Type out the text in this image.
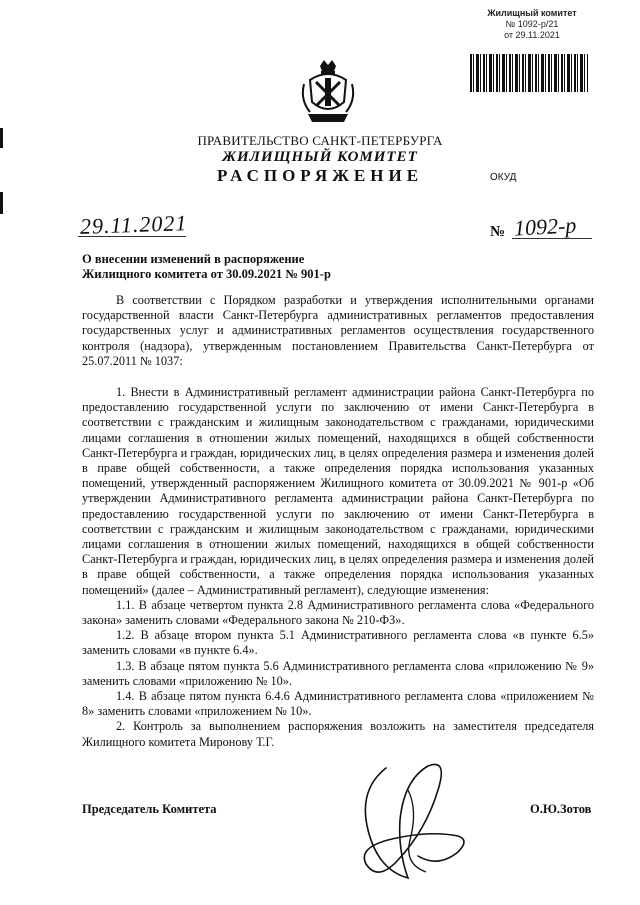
Жилищный комитет
№ 1092-р/21
от 29.11.2021
ПРАВИТЕЛЬСТВО САНКТ-ПЕТЕРБУРГА
ЖИЛИЩНЫЙ КОМИТЕТ
РАСПОРЯЖЕНИЕ	ОКУД
29.11.2021	№ 1092-р
О внесении изменений в распоряжение
Жилищного комитета от 30.09.2021 № 901-р

В соответствии с Порядком разработки и утверждения исполнительными органами государственной власти Санкт-Петербурга административных регламентов предоставления государственных услуг и административных регламентов осуществления государственного контроля (надзора), утвержденным постановлением Правительства Санкт-Петербурга от 25.07.2011 № 1037:

1. Внести в Административный регламент администрации района Санкт-Петербурга по предоставлению государственной услуги по заключению от имени Санкт-Петербурга в соответствии с гражданским и жилищным законодательством с гражданами, юридическими лицами соглашения в отношении жилых помещений, находящихся в общей собственности Санкт-Петербурга и граждан, юридических лиц, в целях определения размера и изменения долей в праве общей собственности, а также определения порядка использования указанных помещений, утвержденный распоряжением Жилищного комитета от 30.09.2021 № 901-р «Об утверждении Административного регламента администрации района Санкт-Петербурга по предоставлению государственной услуги по заключению от имени Санкт-Петербурга в соответствии с гражданским и жилищным законодательством с гражданами, юридическими лицами соглашения в отношении жилых помещений, находящихся в общей собственности Санкт-Петербурга и граждан, юридических лиц, в целях определения размера и изменения долей в праве общей собственности, а также определения порядка использования указанных помещений» (далее – Административный регламент), следующие изменения:

1.1. В абзаце четвертом пункта 2.8 Административного регламента слова «Федерального закона» заменить словами «Федерального закона № 210-ФЗ».

1.2. В абзаце втором пункта 5.1 Административного регламента слова «в пункте 6.5» заменить словами «в пункте 6.4».

1.3. В абзаце пятом пункта 5.6 Административного регламента слова «приложению № 9» заменить словами «приложению № 10».

1.4. В абзаце пятом пункта 6.4.6 Административного регламента слова «приложением № 8» заменить словами «приложением № 10».

2. Контроль за выполнением распоряжения возложить на заместителя председателя Жилищного комитета Миронову Т.Г.

Председатель Комитета	О.Ю.Зотов
